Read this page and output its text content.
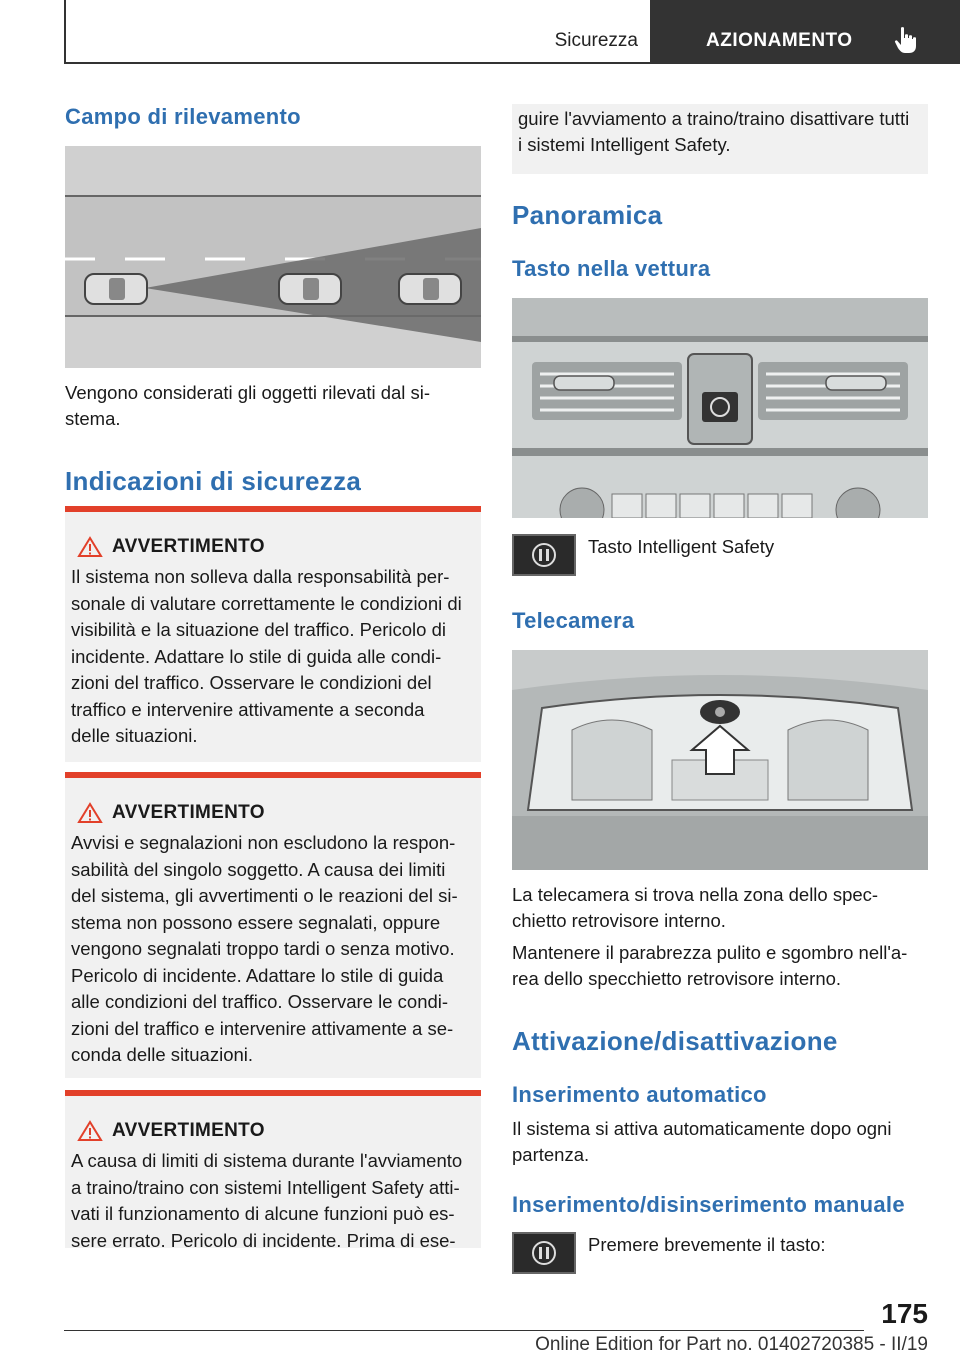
Sicurezza	AZIONAMENTO
Campo di rilevamento
Vengono considerati gli oggetti rilevati dal si-
stema.
Indicazioni di sicurezza
AVVERTIMENTO
Il sistema non solleva dalla responsabilità per-
sonale di valutare correttamente le condizioni di
visibilità e la situazione del traffico. Pericolo di
incidente. Adattare lo stile di guida alle condi-
zioni del traffico. Osservare le condizioni del
traffico e intervenire attivamente a seconda
delle situazioni.
AVVERTIMENTO
Avvisi e segnalazioni non escludono la respon-
sabilità del singolo soggetto. A causa dei limiti
del sistema, gli avvertimenti o le reazioni del si-
stema non possono essere segnalati, oppure
vengono segnalati troppo tardi o senza motivo.
Pericolo di incidente. Adattare lo stile di guida
alle condizioni del traffico. Osservare le condi-
zioni del traffico e intervenire attivamente a se-
conda delle situazioni.
AVVERTIMENTO
A causa di limiti di sistema durante l'avviamento
a traino/traino con sistemi Intelligent Safety atti-
vati il funzionamento di alcune funzioni può es-
sere errato. Pericolo di incidente. Prima di ese-
guire l'avviamento a traino/traino disattivare tutti
i sistemi Intelligent Safety.
Panoramica
Tasto nella vettura
Tasto Intelligent Safety
Telecamera
La telecamera si trova nella zona dello spec-
chietto retrovisore interno.
Mantenere il parabrezza pulito e sgombro nell'a-
rea dello specchietto retrovisore interno.
Attivazione/disattivazione
Inserimento automatico
Il sistema si attiva automaticamente dopo ogni
partenza.
Inserimento/disinserimento manuale
Premere brevemente il tasto:
175
Online Edition for Part no. 01402720385 - II/19
